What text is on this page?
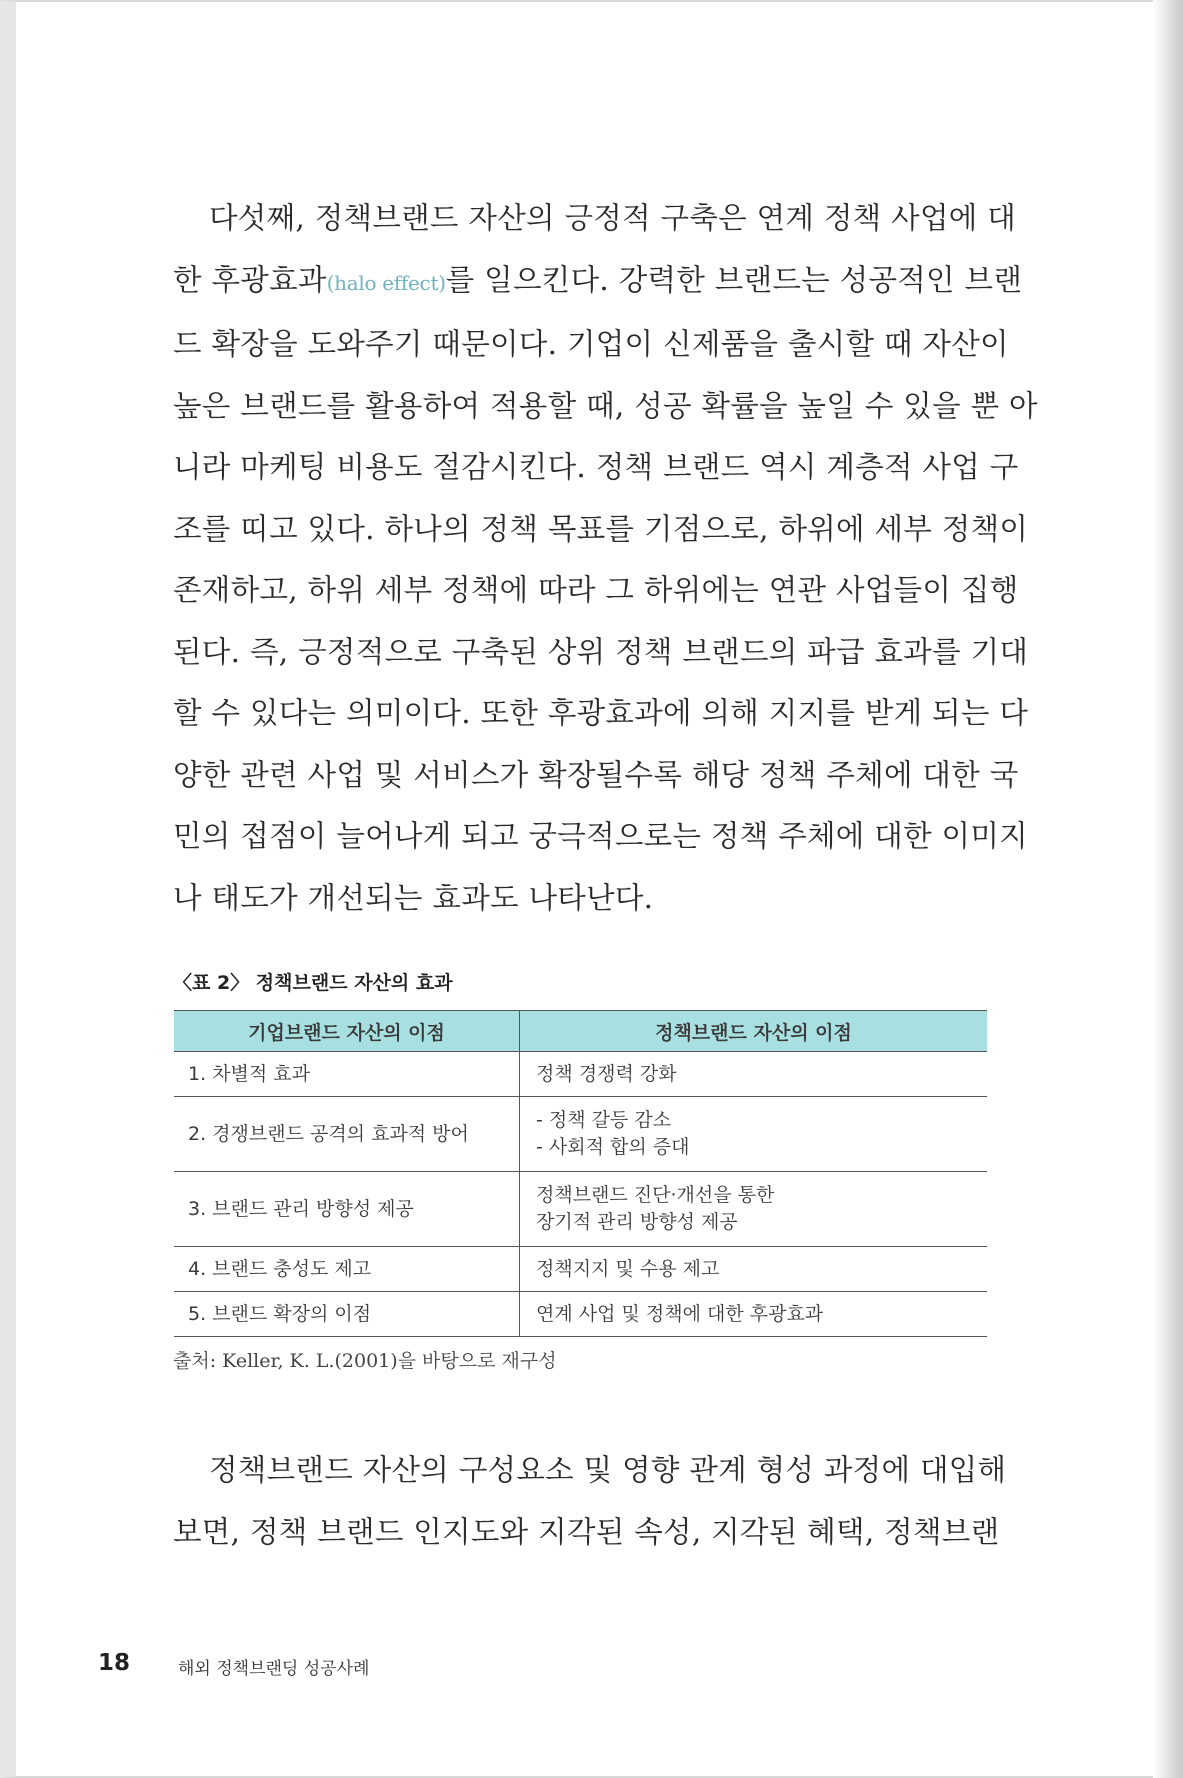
다섯째, 정책브랜드 자산의 긍정적 구축은 연계 정책 사업에 대
한 후광효과(halo effect)를 일으킨다. 강력한 브랜드는 성공적인 브랜
드 확장을 도와주기 때문이다. 기업이 신제품을 출시할 때 자산이
높은 브랜드를 활용하여 적용할 때, 성공 확률을 높일 수 있을 뿐 아
니라 마케팅 비용도 절감시킨다. 정책 브랜드 역시 계층적 사업 구
조를 띠고 있다. 하나의 정책 목표를 기점으로, 하위에 세부 정책이
존재하고, 하위 세부 정책에 따라 그 하위에는 연관 사업들이 집행
된다. 즉, 긍정적으로 구축된 상위 정책 브랜드의 파급 효과를 기대
할 수 있다는 의미이다. 또한 후광효과에 의해 지지를 받게 되는 다
양한 관련 사업 및 서비스가 확장될수록 해당 정책 주체에 대한 국
민의 접점이 늘어나게 되고 궁극적으로는 정책 주체에 대한 이미지
나 태도가 개선되는 효과도 나타난다.

〈표 2〉 정책브랜드 자산의 효과

기업브랜드 자산의 이점	정책브랜드 자산의 이점
1. 차별적 효과	정책 경쟁력 강화

2. 경쟁브랜드 공격의 효과적 방어	- 정책 갈등 감소
- 사회적 합의 증대

3. 브랜드 관리 방향성 제공	정책브랜드 진단·개선을 통한
장기적 관리 방향성 제공

4. 브랜드 충성도 제고	정책지지 및 수용 제고

5. 브랜드 확장의 이점	연계 사업 및 정책에 대한 후광효과

출처: Keller, K. L.(2001)을 바탕으로 재구성

정책브랜드 자산의 구성요소 및 영향 관계 형성 과정에 대입해
보면, 정책 브랜드 인지도와 지각된 속성, 지각된 혜택, 정책브랜
18	해외 정책브랜딩 성공사례
